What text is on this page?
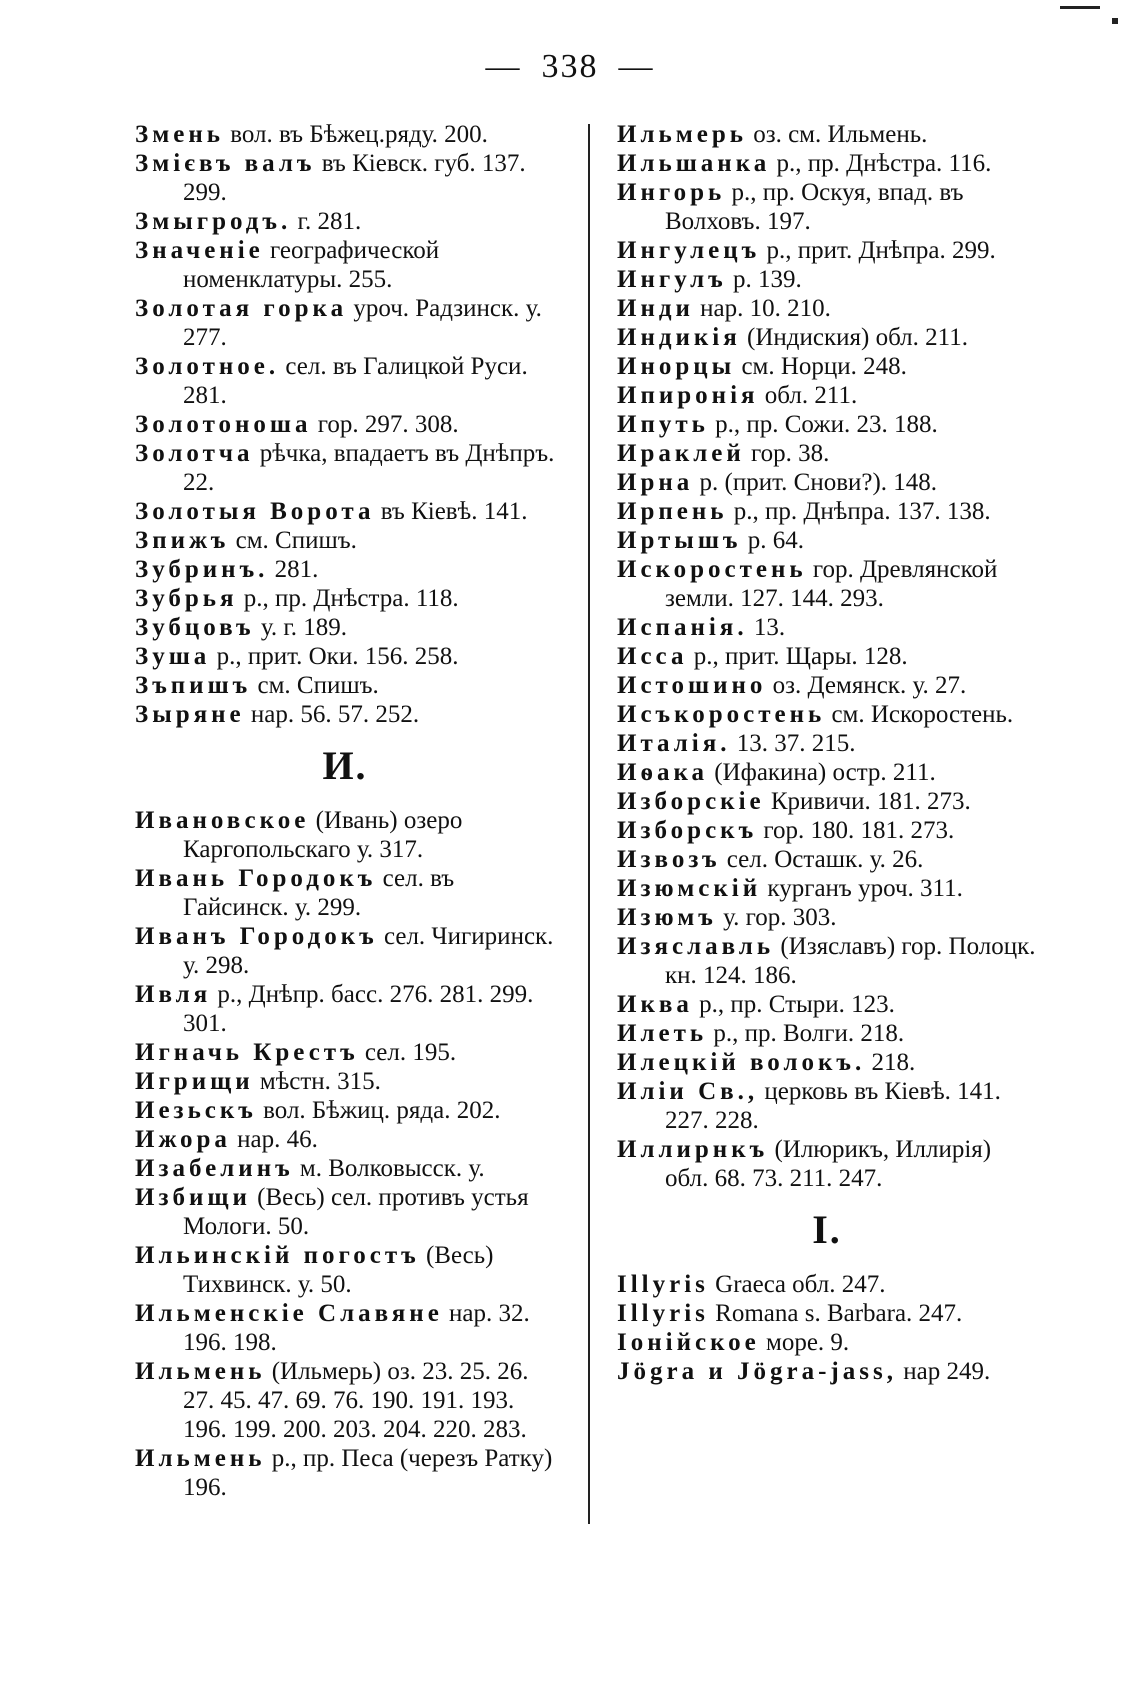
— 338 —

Змень вол. въ Бѣжец.ряду. 200.

Змієвъ валъ въ Кіевск. губ. 137. 299.

Змыгродъ. г. 281.

Значеніе географической номенклатуры. 255.

Золотая горка уроч. Радзинск. у. 277.

Золотное. сел. въ Галицкой Руси. 281.

Золотоноша гор. 297. 308.

Золотча рѣчка, впадаетъ въ Днѣпръ. 22.

Золотыя Ворота въ Кіевѣ. 141.

Зпижъ см. Спишъ.

Зубринъ. 281.

Зубрья р., пр. Днѣстра. 118.

Зубцовъ у. г. 189.

Зуша р., прит. Оки. 156. 258.

Зъпишъ см. Спишъ.

Зыряне нар. 56. 57. 252.

И.

Ивановское (Ивань) озеро Каргопольскаго у. 317.

Ивань Городокъ сел. въ Гайсинск. у. 299.

Иванъ Городокъ сел. Чигиринск. у. 298.

Ивля р., Днѣпр. басс. 276. 281. 299. 301.

Игначь Крестъ сел. 195.

Игрищи мѣстн. 315.

Иезьскъ вол. Бѣжиц. ряда. 202.

Ижора нар. 46.

Изабелинъ м. Волковысск. у.

Избищи (Весь) сел. противъ устья Мологи. 50.

Ильинскій погостъ (Весь) Тихвинск. у. 50.

Ильменскіе Славяне нар. 32. 196. 198.

Ильмень (Ильмерь) оз. 23. 25. 26. 27. 45. 47. 69. 76. 190. 191. 193. 196. 199. 200. 203. 204. 220. 283.

Ильмень р., пр. Песа (черезъ Ратку) 196.

Ильмерь оз. см. Ильмень.

Ильшанка р., пр. Днѣстра. 116.

Ингорь р., пр. Оскуя, впад. въ Волховъ. 197.

Ингулецъ р., прит. Днѣпра. 299.

Ингулъ р. 139.

Инди нар. 10. 210.

Индикія (Индиския) обл. 211.

Инорцы см. Норци. 248.

Ипиронія обл. 211.

Ипуть р., пр. Сожи. 23. 188.

Ираклей гор. 38.

Ирна р. (прит. Снови?). 148.

Ирпень р., пр. Днѣпра. 137. 138.

Иртышъ р. 64.

Искоростень гор. Древлянской земли. 127. 144. 293.

Испанія. 13.

Исса р., прит. Щары. 128.

Истошино оз. Демянск. у. 27.

Исъкоростень см. Искоростень.

Италія. 13. 37. 215.

Иѳака (Ифакина) остр. 211.

Изборскіе Кривичи. 181. 273.

Изборскъ гор. 180. 181. 273.

Извозъ сел. Осташк. у. 26.

Изюмскій курганъ уроч. 311.

Изюмъ у. гор. 303.

Изяславль (Изяславъ) гор. Полоцк. кн. 124. 186.

Иква р., пр. Стыри. 123.

Илеть р., пр. Волги. 218.

Илецкій волокъ. 218.

Иліи Св., церковь въ Кіевѣ. 141. 227. 228.

Иллирнкъ (Илюрикъ, Иллирія) обл. 68. 73. 211. 247.

I.

Illyris Graeca обл. 247.

Illyris Romana s. Barbara. 247.

Іонійское море. 9.

Jögra и Jögra-jass, нар 249.
